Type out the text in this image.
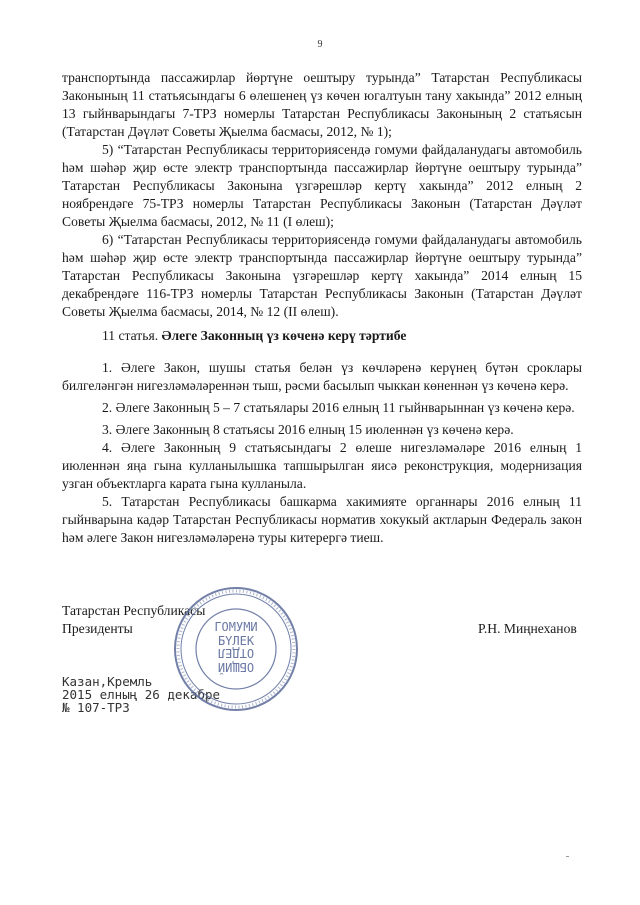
9

транспортында пассажирлар йөртүне оештыру турында” Татарстан Республикасы Законының 11 статьясындагы 6 өлешенең үз көчен югалтуын тану хакында” 2012 елның 13 гыйнварындагы 7-ТРЗ номерлы Татарстан Республикасы Законының 2 статьясын (Татарстан Дәүләт Советы Җыелма басмасы, 2012, № 1);

5) “Татарстан Республикасы территориясендә гомуми файдаланудагы автомобиль һәм шәһәр җир өсте электр транспортында пассажирлар йөртүне оештыру турында” Татарстан Республикасы Законына үзгәрешләр кертү хакында” 2012 елның 2 ноябрендәге 75-ТРЗ номерлы Татарстан Республикасы Законын (Татарстан Дәүләт Советы Җыелма басмасы, 2012, № 11 (I өлеш);

6) “Татарстан Республикасы территориясендә гомуми файдаланудагы автомобиль һәм шәһәр җир өсте электр транспортында пассажирлар йөртүне оештыру турында” Татарстан Республикасы Законына үзгәрешләр кертү хакында” 2014 елның 15 декабрендәге 116-ТРЗ номерлы Татарстан Республикасы Законын (Татарстан Дәүләт Советы Җыелма басмасы, 2014, № 12 (II өлеш).

11 статья. Әлеге Законның үз көченә керү тәртибе

1. Әлеге Закон, шушы статья белән үз көчләренә керүнең бүтән сроклары билгеләнгән нигезләмәләреннән тыш, рәсми басылып чыккан көненнән үз көченә керә.

2. Әлеге Законның 5 – 7 статьялары 2016 елның 11 гыйнварыннан үз көченә керә.

3. Әлеге Законның 8 статьясы 2016 елның 15 июленнән үз көченә керә.

4. Әлеге Законның 9 статьясындагы 2 өлеше нигезләмәләре 2016 елның 1 июленнән яңа гына кулланылышка тапшырылган яисә реконструкция, модернизация узган объектларга карата гына кулланыла.

5. Татарстан Республикасы башкарма хакимияте органнары 2016 елның 11 гыйнварына кадәр Татарстан Республикасы норматив хокукый актларын Федераль закон һәм әлеге Закон нигезләмәләренә туры китерергә тиеш.

Татарстан Республикасы
Президенты	Р.Н. Миңнеханов
Казан,Кремль
2015 елның 26 декабре
№ 107-ТРЗ
ГОМУМИ
БҮЛЕК
ОТДЕЛ
ОБЩИЙ
